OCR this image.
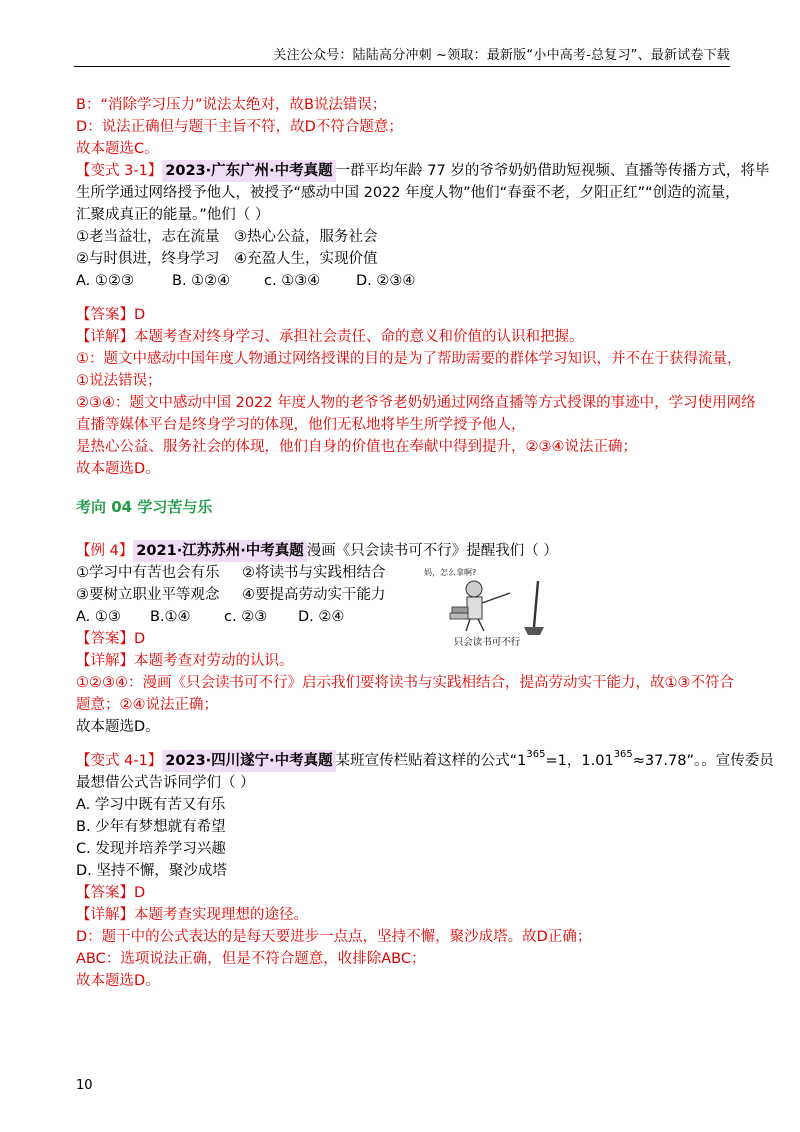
关注公众号：陆陆高分冲刺 ~领取：最新版“小中高考-总复习”、最新试卷下载
B：“消除学习压力”说法太绝对，故B说法错误；
D：说法正确但与题干主旨不符，故D不符合题意；
故本题选C。
【变式 3-1】 2023·广东广州·中考真题 一群平均年龄 77 岁的爷爷奶奶借助短视频、直播等传播方式，将毕
生所学通过网络授予他人，被授予“感动中国 2022 年度人物”他们“春蚕不老，夕阳正红”“创造的流量，
汇聚成真正的能量。”他们（ ）
①老当益壮，志在流量 ③热心公益，服务社会
②与时俱进，终身学习 ④充盈人生，实现价值
A. ①②③	B. ①②④ c. ①③④ D. ②③④
【答案】D
【详解】本题考查对终身学习、承担社会责任、命的意义和价值的认识和把握。
①：题文中感动中国年度人物通过网络授课的目的是为了帮助需要的群体学习知识，并不在于获得流量，
①说法错误；
②③④：题文中感动中国 2022 年度人物的老爷爷老奶奶通过网络直播等方式授课的事迹中，学习使用网络
直播等媒体平台是终身学习的体现，他们无私地将毕生所学授予他人，
是热心公益、服务社会的体现，他们自身的价值也在奉献中得到提升，②③④说法正确；
故本题选D。
考向 04 学习苦与乐
【例 4】 2021·江苏苏州·中考真题 漫画《只会读书可不行》提醒我们（ ）
①学习中有苦也会有乐 ②将读书与实践相结合
③要树立职业平等观念 ④要提高劳动实干能力
A. ①③ B.①④ c. ②③ D. ②④
妈，怎么拿啊?
只会读书可不行
【答案】D
【详解】本题考查对劳动的认识。
①②③④：漫画《只会读书可不行》启示我们要将读书与实践相结合，提高劳动实干能力，故①③不符合
题意；②④说法正确；
故本题选D。
【变式 4-1】 2023·四川遂宁·中考真题 某班宣传栏贴着这样的公式“$1^{365}=1$，$1.01^{365}\approx 37.78$”。。宣传委员
最想借公式告诉同学们（ ）
A. 学习中既有苦又有乐
B. 少年有梦想就有希望
C. 发现并培养学习兴趣
D. 坚持不懈，聚沙成塔
【答案】D
【详解】本题考查实现理想的途径。
D：题干中的公式表达的是每天要进步一点点，坚持不懈，聚沙成塔。故D正确；
ABC：选项说法正确，但是不符合题意，收排除ABC；
故本题选D。
10
